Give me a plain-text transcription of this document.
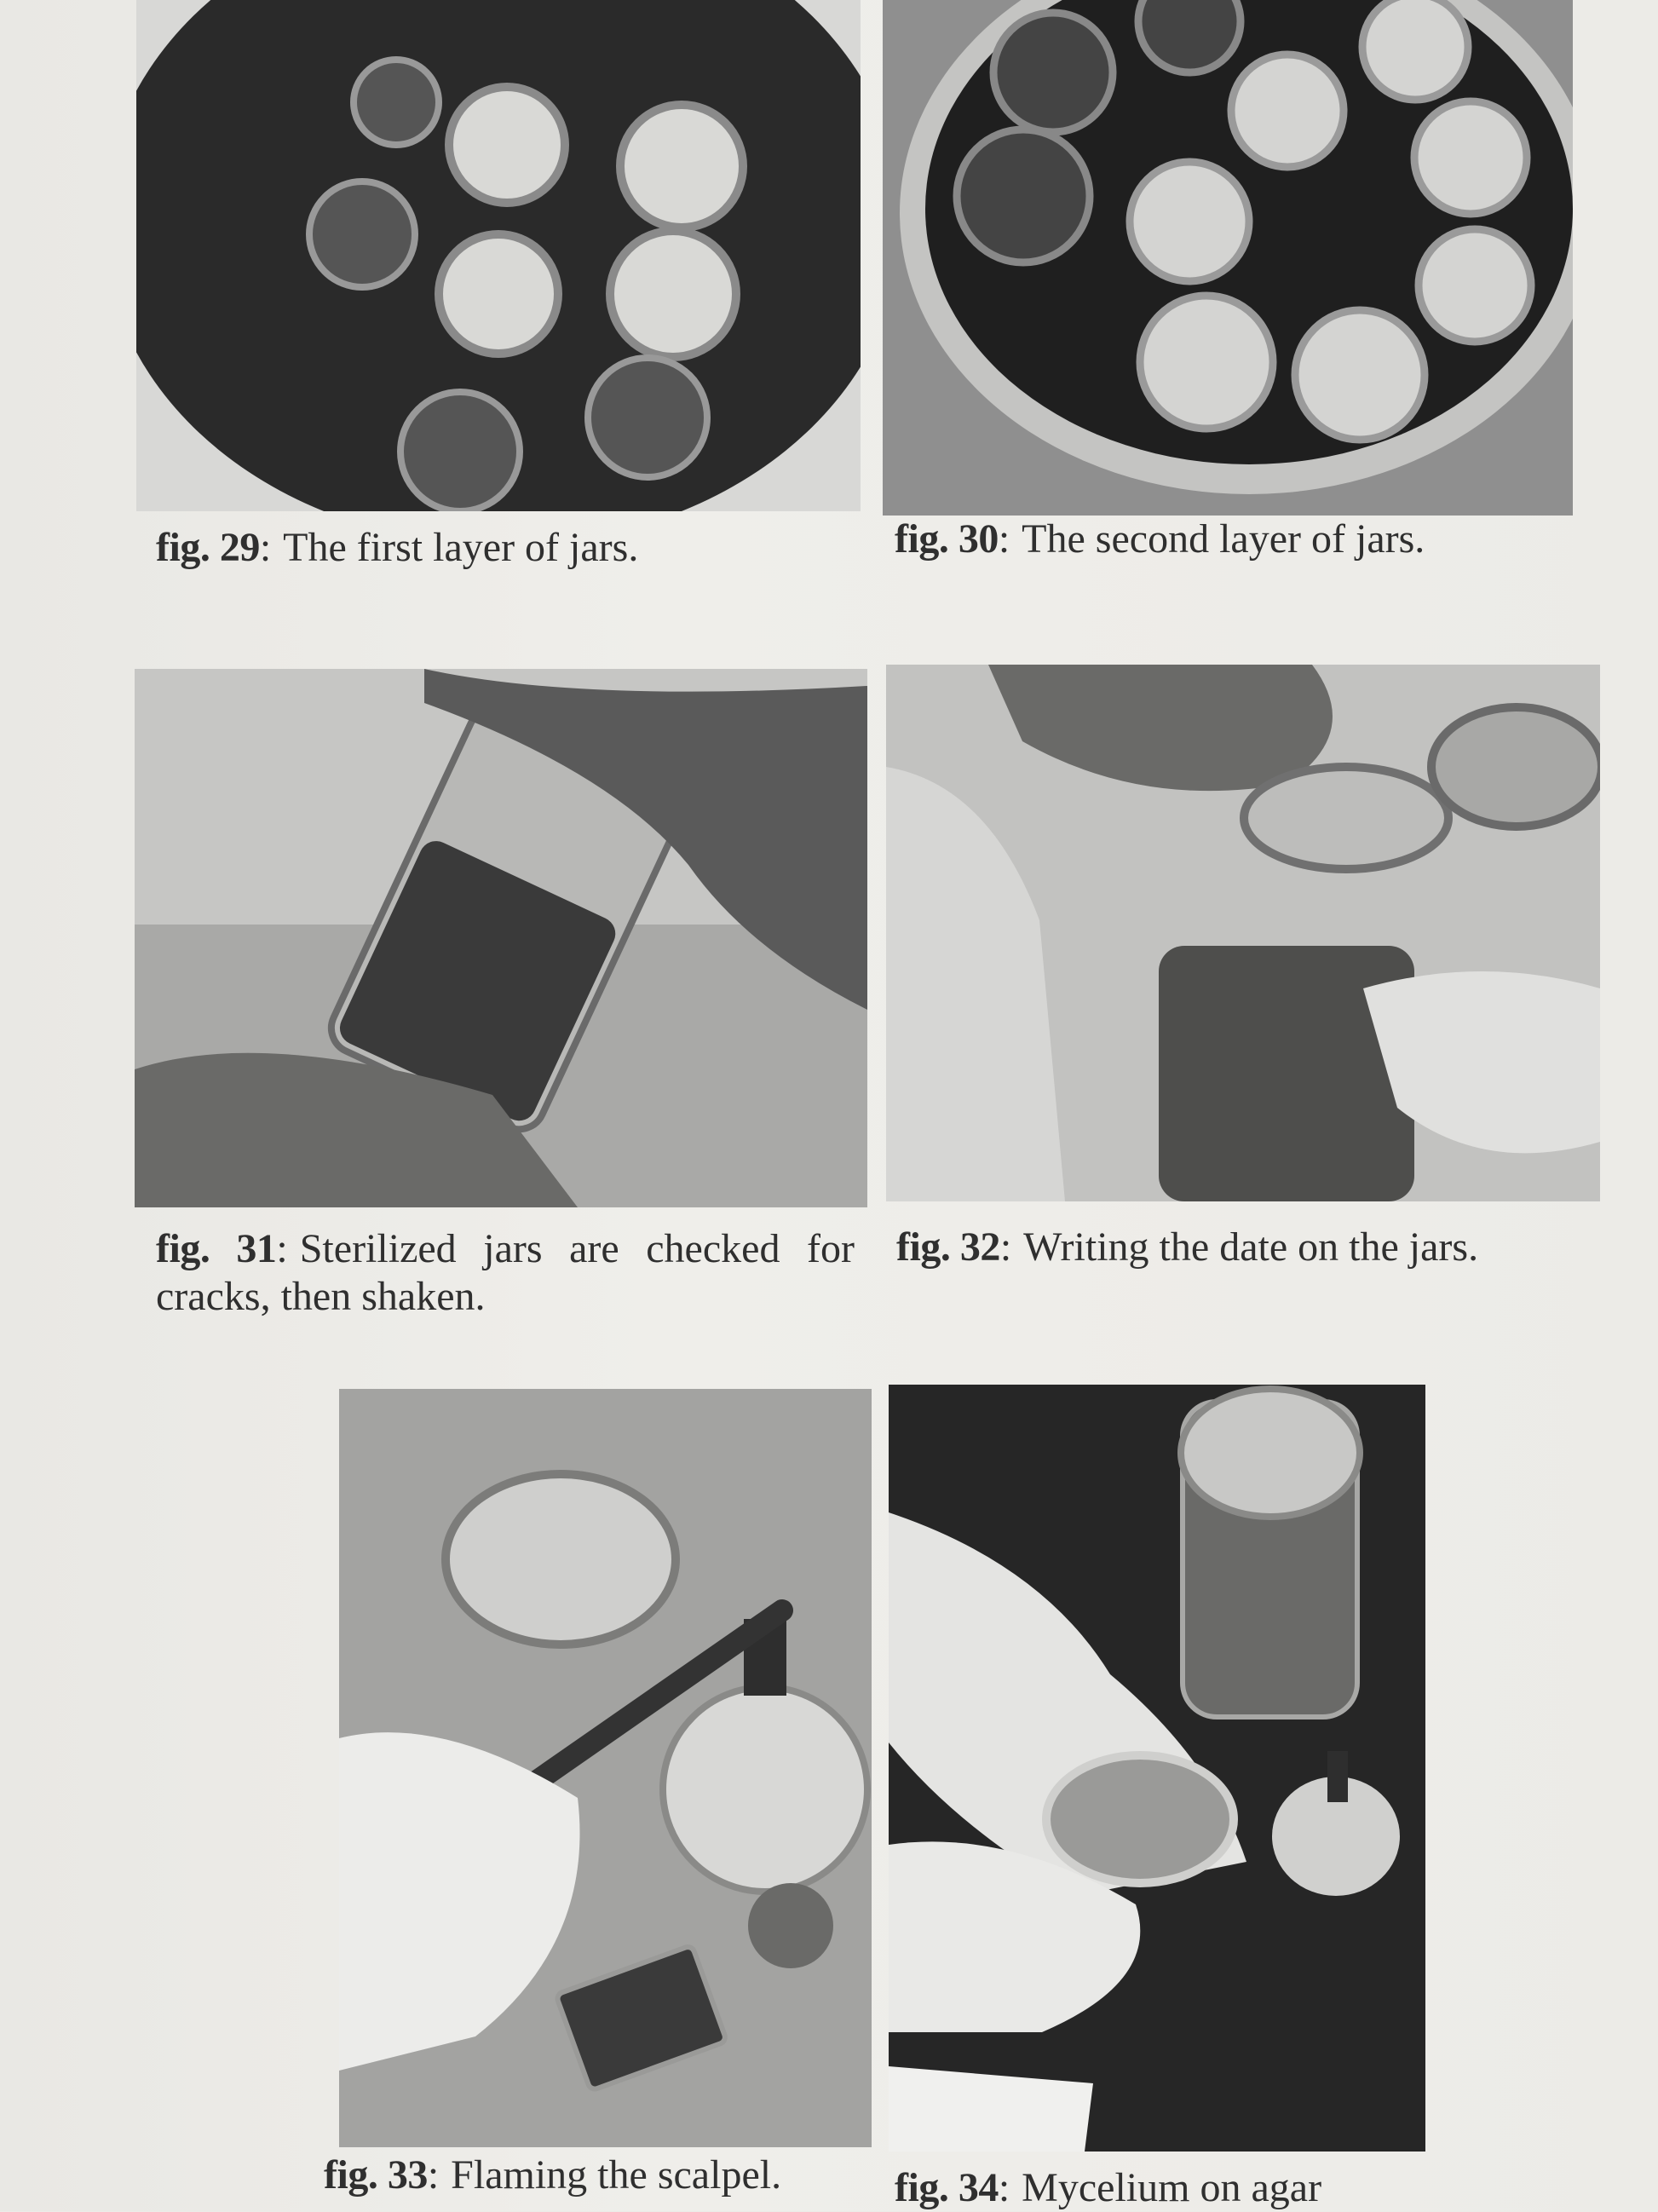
fig. 29: The first layer of jars.	fig. 30: The second layer of jars.
fig. 31: Sterilized jars are checked for cracks, then shaken.
fig. 32: Writing the date on the jars.
fig. 33: Flaming the scalpel.	fig. 34: Mycelium on agar
